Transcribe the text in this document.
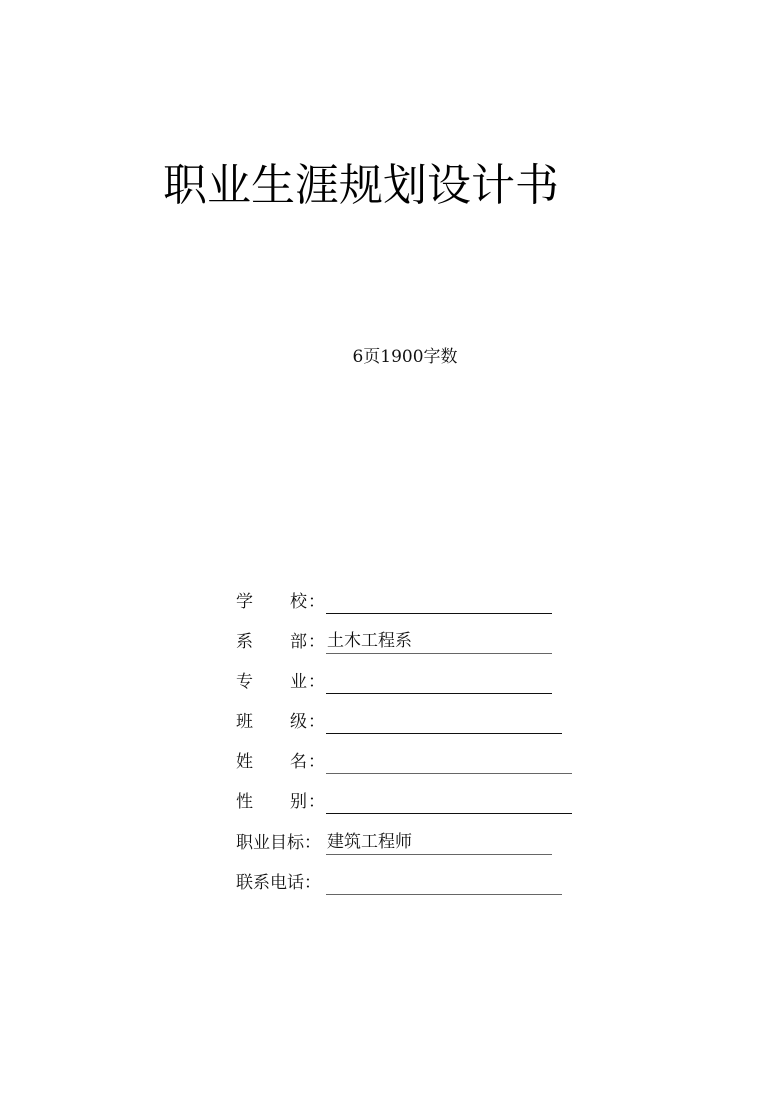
职业生涯规划设计书
6页1900字数
学 校 ：
系 部 ： 土木工程系
专 业 ：
班 级 ：
姓 名 ：
性 别 ：
职业目标： 建筑工程师
联系电话：
